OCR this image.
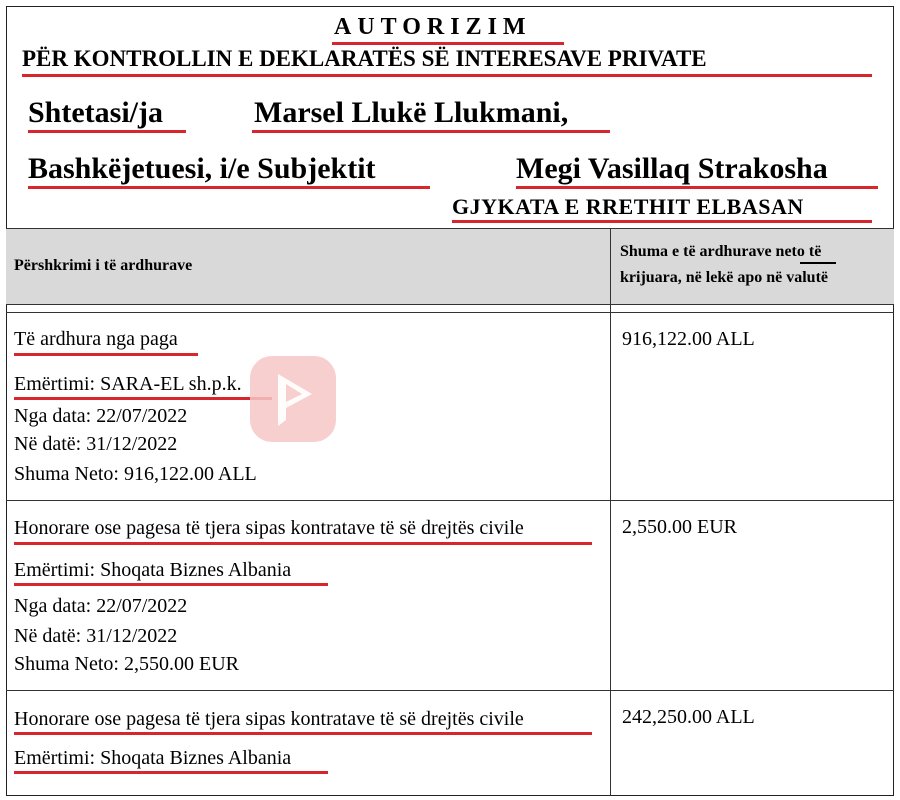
AUTORIZIM
PËR KONTROLLIN E DEKLARATËS SË INTERESAVE PRIVATE
Shtetasi/ja	Marsel Llukë Llukmani,
Bashkëjetuesi, i/e Subjektit	Megi Vasillaq Strakosha
GJYKATA E RRETHIT ELBASAN
Përshkrimi i të ardhurave
Shuma e të ardhurave neto të
krijuara, në lekë apo në valutë
Të ardhura nga paga
Emërtimi: SARA-EL sh.p.k.
Nga data: 22/07/2022
Në datë: 31/12/2022
Shuma Neto: 916,122.00 ALL
916,122.00 ALL
Honorare ose pagesa të tjera sipas kontratave të së drejtës civile
Emërtimi: Shoqata Biznes Albania
Nga data: 22/07/2022
Në datë: 31/12/2022
Shuma Neto: 2,550.00 EUR
2,550.00 EUR
Honorare ose pagesa të tjera sipas kontratave të së drejtës civile
Emërtimi: Shoqata Biznes Albania
242,250.00 ALL
